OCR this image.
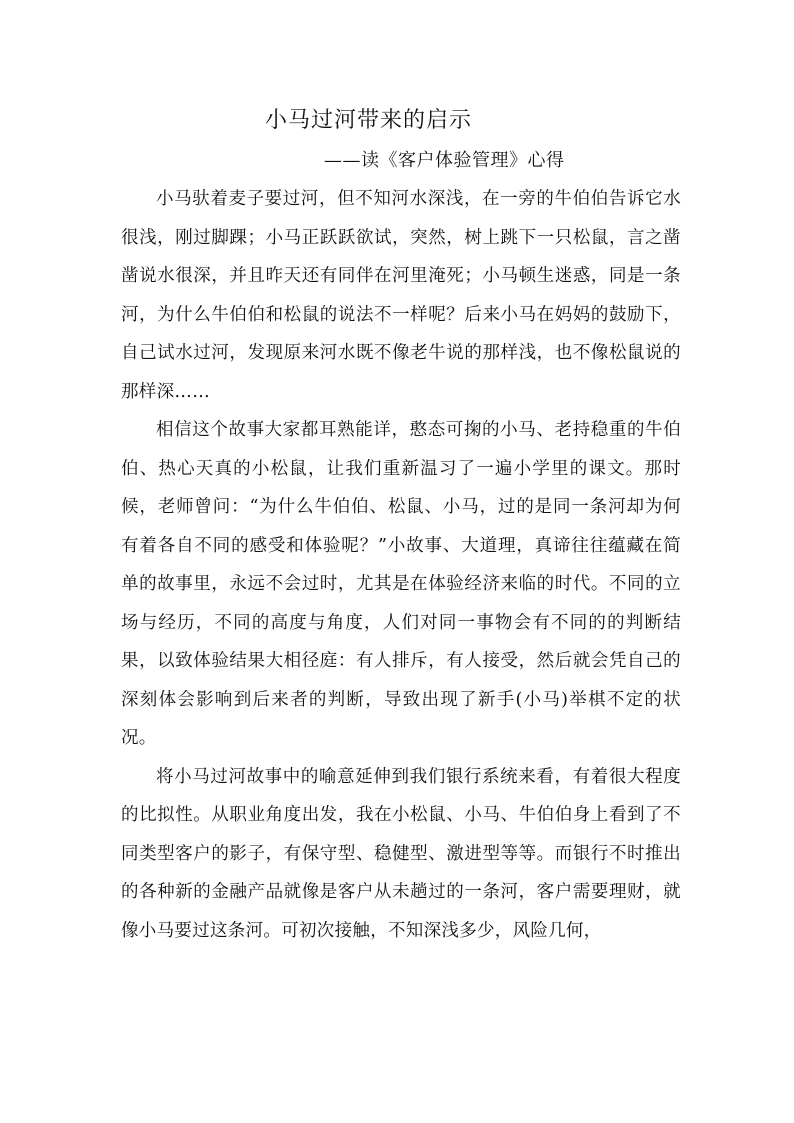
小马过河带来的启示
——读《客户体验管理》心得

小马驮着麦子要过河，但不知河水深浅，在一旁的牛伯伯告诉它水很浅，刚过脚踝；小马正跃跃欲试，突然，树上跳下一只松鼠，言之凿凿说水很深，并且昨天还有同伴在河里淹死；小马顿生迷惑，同是一条河，为什么牛伯伯和松鼠的说法不一样呢？后来小马在妈妈的鼓励下，自己试水过河，发现原来河水既不像老牛说的那样浅，也不像松鼠说的那样深……

相信这个故事大家都耳熟能详，憨态可掬的小马、老持稳重的牛伯伯、热心天真的小松鼠，让我们重新温习了一遍小学里的课文。那时候，老师曾问：“为什么牛伯伯、松鼠、小马，过的是同一条河却为何有着各自不同的感受和体验呢？”小故事、大道理，真谛往往蕴藏在简单的故事里，永远不会过时，尤其是在体验经济来临的时代。不同的立场与经历，不同的高度与角度，人们对同一事物会有不同的的判断结果，以致体验结果大相径庭：有人排斥，有人接受，然后就会凭自己的深刻体会影响到后来者的判断，导致出现了新手(小马)举棋不定的状况。

将小马过河故事中的喻意延伸到我们银行系统来看，有着很大程度的比拟性。从职业角度出发，我在小松鼠、小马、牛伯伯身上看到了不同类型客户的影子，有保守型、稳健型、激进型等等。而银行不时推出的各种新的金融产品就像是客户从未趟过的一条河，客户需要理财，就像小马要过这条河。可初次接触，不知深浅多少，风险几何，
